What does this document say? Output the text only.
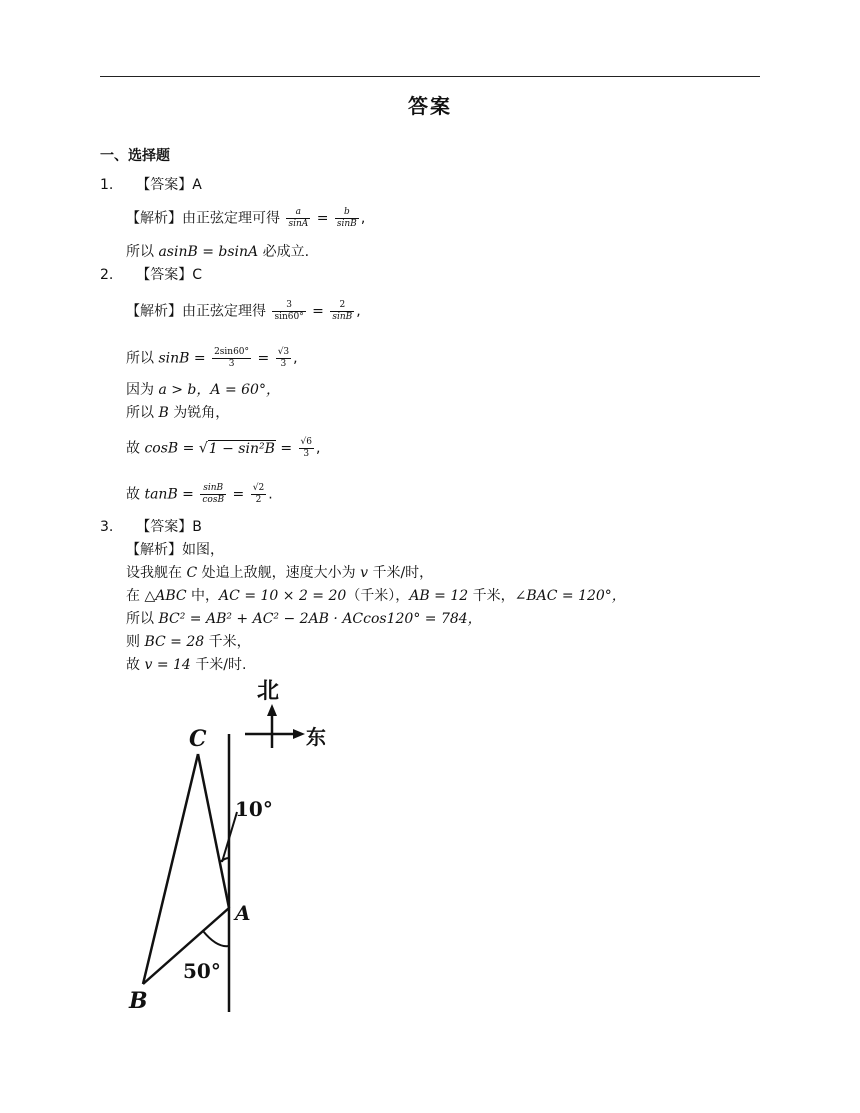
答案
一、选择题
1. 【答案】A
【解析】由正弦定理可得 $\frac{a}{\sin A} = \frac{b}{\sin B}$ ,
所以 asinB = bsinA 必成立.
2. 【答案】C
【解析】由正弦定理得 $\frac{3}{\sin 60^\circ} = \frac{2}{\sin B}$ ,
所以 $\sin B = \frac{2\sin 60^\circ}{3} = \frac{√3}{3}$ ,
因为 a > b，A = 60°，
所以 B 为锐角，
故 $\cos B = √1 - \sin^2B = \frac{√6}{3}$ ,
故 $\tan B = \frac{\sin B}{\cos B} = \frac{√2}{2}$ .
3. 【答案】B
【解析】如图，
设我舰在 C 处追上敌舰，速度大小为 v 千米/时，
在 △ABC 中，AC = 10 × 2 = 20（千米），AB = 12 千米，∠BAC = 120°，
所以 BC² = AB² + AC² − 2AB · ACcos120° = 784，
则 BC = 28 千米，
故 v = 14 千米/时.
北
东
C
A
B
10°
50°
